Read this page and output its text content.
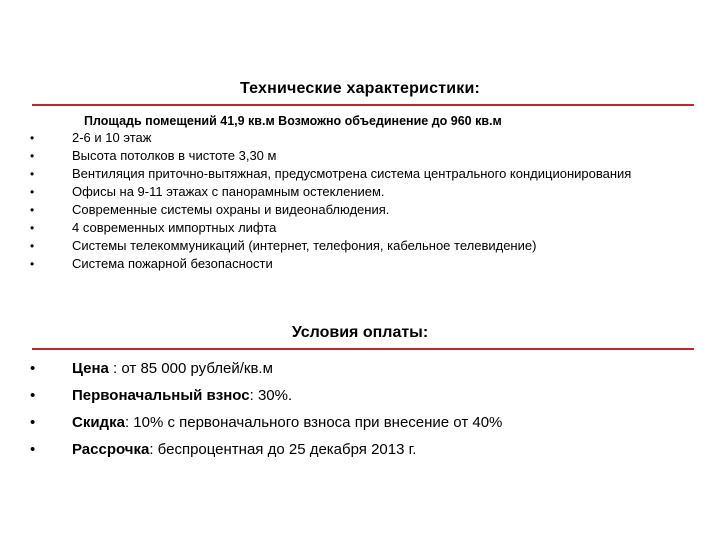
Технические характеристики:
Площадь помещений 41,9 кв.м Возможно объединение до 960 кв.м
•	2-6 и 10 этаж
•	Высота потолков в чистоте 3,30 м
•	Вентиляция приточно-вытяжная, предусмотрена система центрального кондиционирования
•	Офисы на 9-11 этажах с панорамным остеклением.
•	Современные системы охраны и видеонаблюдения.
•	4 современных импортных лифта
•	Системы телекоммуникаций (интернет, телефония, кабельное телевидение)
•	Система пожарной безопасности
Условия оплаты:
• Цена : от 85 000 рублей/кв.м
• Первоначальный взнос: 30%.
• Скидка: 10% с первоначального взноса при внесение от 40%
• Рассрочка: беспроцентная до 25 декабря 2013 г.
